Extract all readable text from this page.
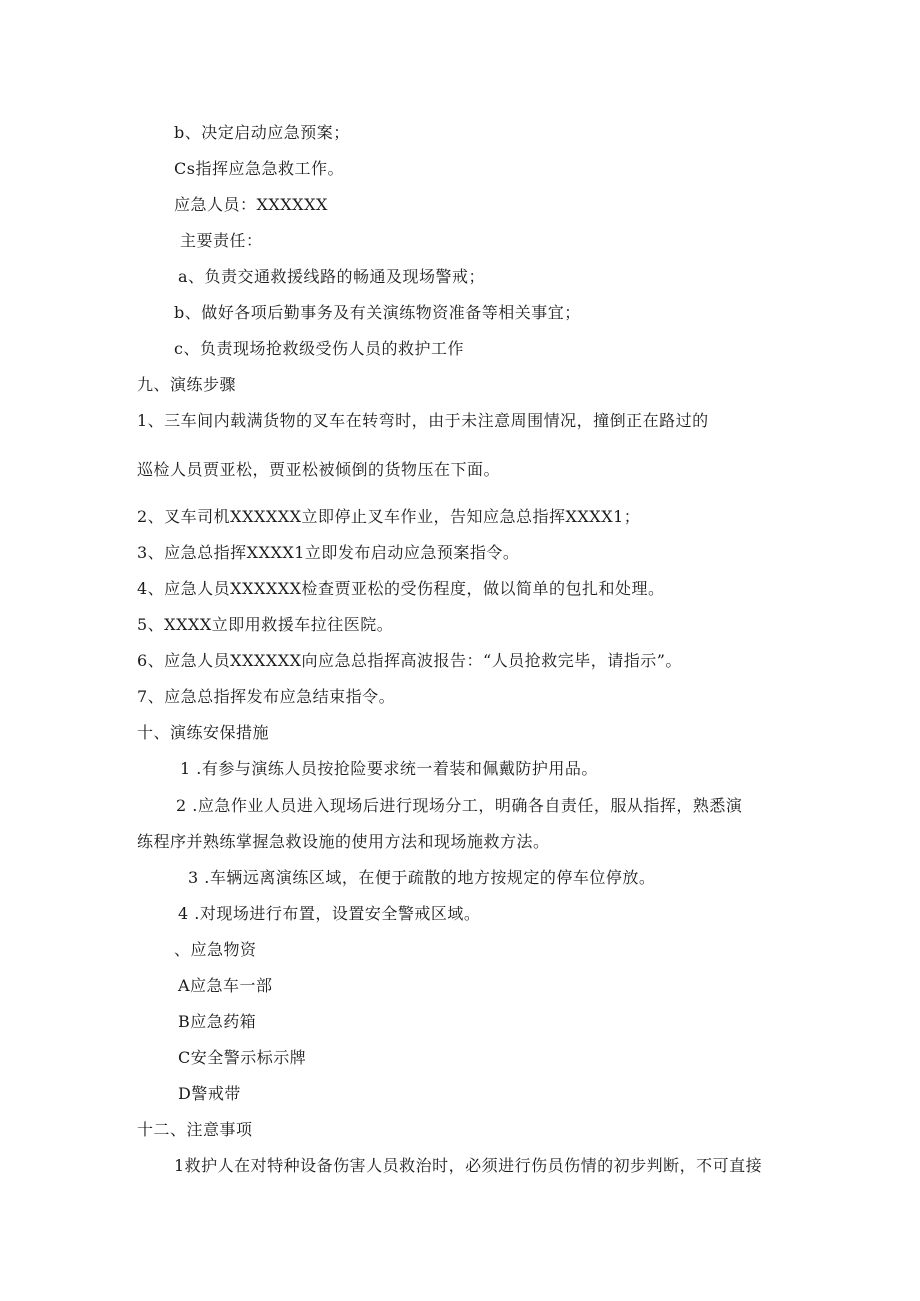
b、决定启动应急预案；
Cs指挥应急急救工作。
应急人员：XXXXXX
主要责任：
a、负责交通救援线路的畅通及现场警戒；
b、做好各项后勤事务及有关演练物资准备等相关事宜；
c、负责现场抢救级受伤人员的救护工作
九、演练步骤
1、三车间内载满货物的叉车在转弯时，由于未注意周围情况，撞倒正在路过的
巡检人员贾亚松，贾亚松被倾倒的货物压在下面。
2、叉车司机XXXXXX立即停止叉车作业，告知应急总指挥XXXX1；
3、应急总指挥XXXX1立即发布启动应急预案指令。
4、应急人员XXXXXX检查贾亚松的受伤程度，做以简单的包扎和处理。
5、XXXX立即用救援车拉往医院。
6、应急人员XXXXXX向应急总指挥高波报告：“人员抢救完毕，请指示”。
7、应急总指挥发布应急结束指令。
十、演练安保措施
1 .有参与演练人员按抢险要求统一着装和佩戴防护用品。
2 .应急作业人员进入现场后进行现场分工，明确各自责任，服从指挥，熟悉演
练程序并熟练掌握急救设施的使用方法和现场施救方法。
3 .车辆远离演练区域，在便于疏散的地方按规定的停车位停放。
4 .对现场进行布置，设置安全警戒区域。
、应急物资
A应急车一部
B应急药箱
C安全警示标示牌
D警戒带
十二、注意事项
1救护人在对特种设备伤害人员救治时，必须进行伤员伤情的初步判断，不可直接
